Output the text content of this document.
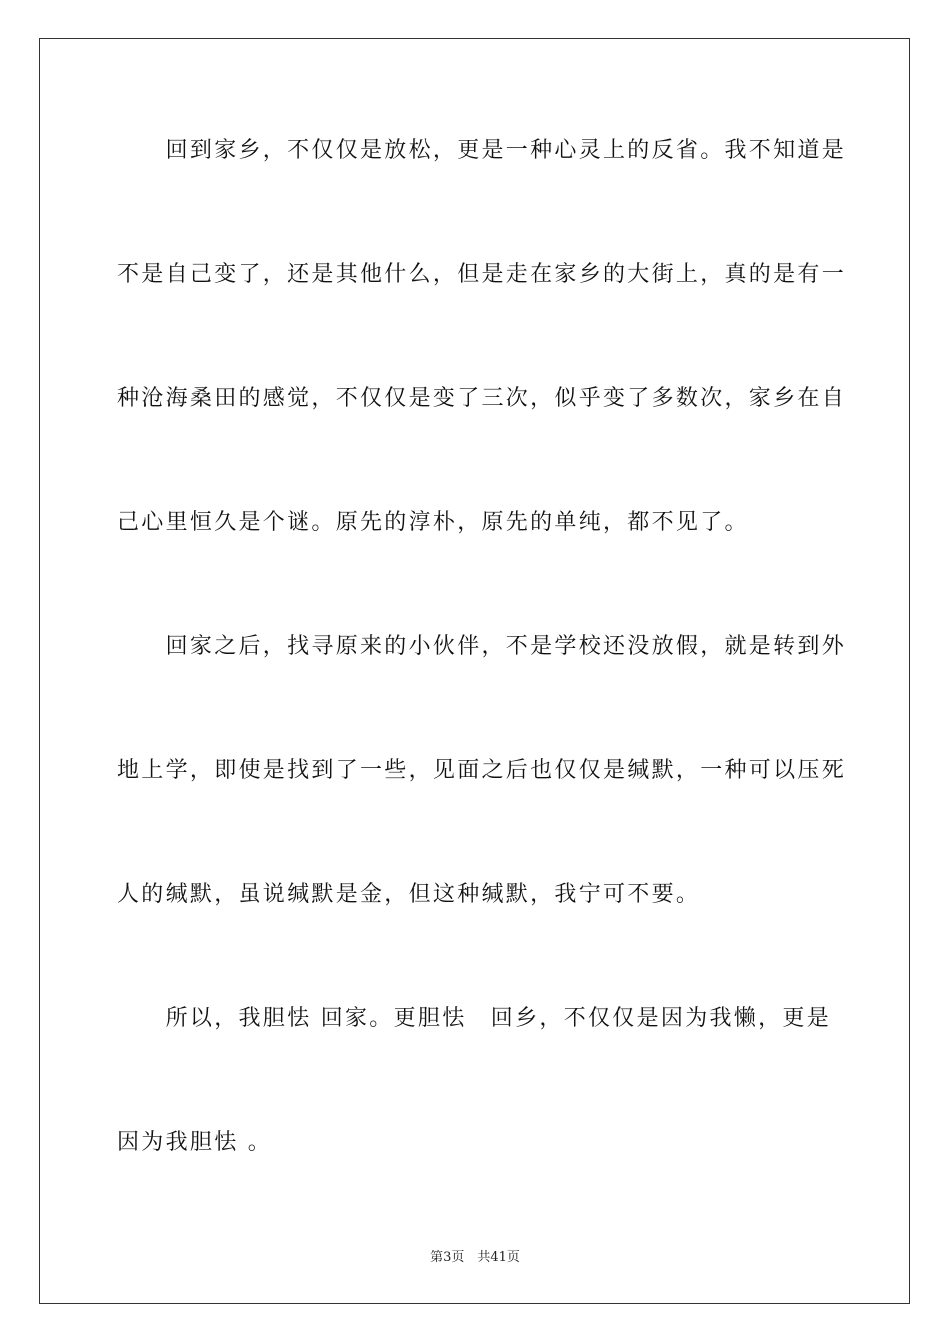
　　回到家乡，不仅仅是放松，更是一种心灵上的反省。我不知道是
不是自己变了，还是其他什么，但是走在家乡的大街上，真的是有一
种沧海桑田的感觉，不仅仅是变了三次，似乎变了多数次，家乡在自
己心里恒久是个谜。原先的淳朴，原先的单纯，都不见了。
　　回家之后，找寻原来的小伙伴，不是学校还没放假，就是转到外
地上学，即使是找到了一些，见面之后也仅仅是缄默，一种可以压死
人的缄默，虽说缄默是金，但这种缄默，我宁可不要。
　　所以，我胆怯 回家。更胆怯　回乡，不仅仅是因为我懒，更是
因为我胆怯 。
第3页　共41页
